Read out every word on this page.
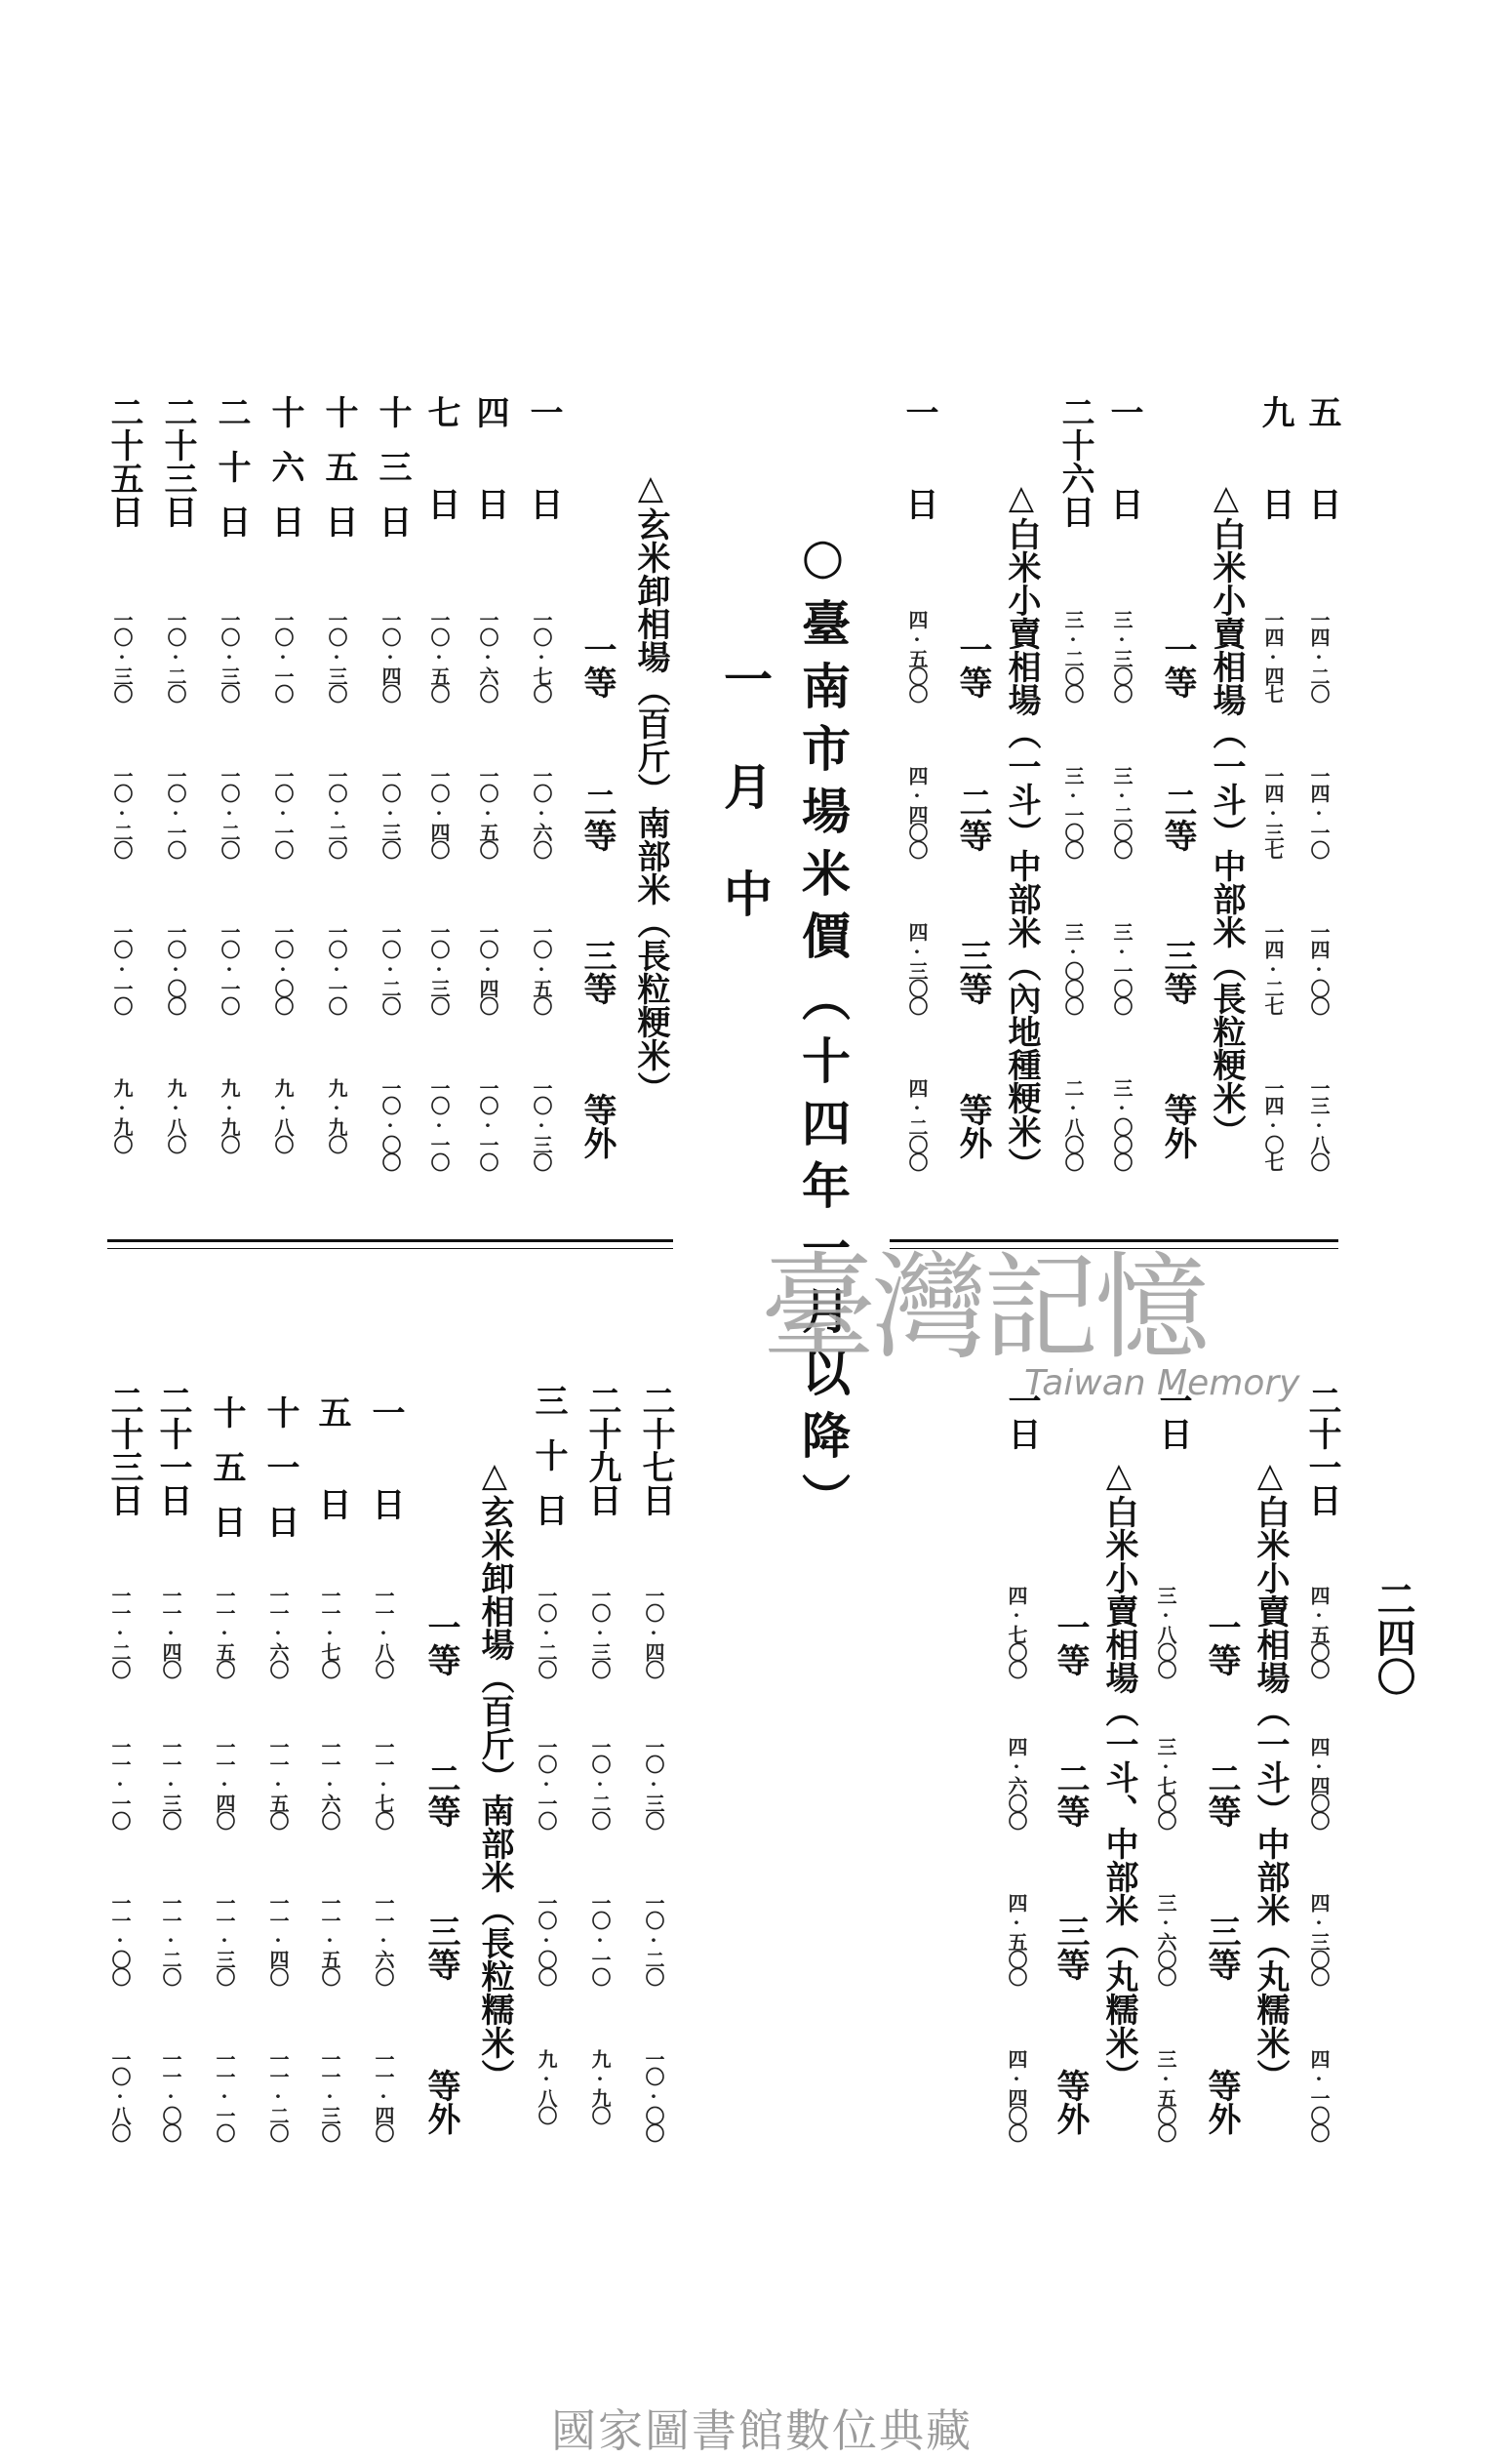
二四〇
△白米小賣相場（一斗）中部米（丸糯米）
一等
二等
三等
等外
二十一日
四·五〇〇
四·四〇〇
四·三〇〇
四·一〇〇
一日
三·八〇〇
三·七〇〇
三·六〇〇
三·五〇〇
△白米小賣相場（一斗、中部米（丸糯米）
一等
二等
三等
等外
一日
四·七〇〇
四·六〇〇
四·五〇〇
四·四〇〇
五日
一四·二〇
一四·一〇
一四·〇〇
一三·八〇
九日
一四·四七
一四·三七
一四·二七
一四·〇七
△白米小賣相場（一斗）中部米（長粒粳米）
一等
二等
三等
等外
一日
三·三〇〇
三·二〇〇
三·一〇〇
三·〇〇〇
二十六日
三·二〇〇
三·一〇〇
三·〇〇〇
二·八〇〇
△白米小賣相場（一斗）中部米（內地種粳米）
一等
二等
三等
等外
一日
四·五〇〇
四·四〇〇
四·三〇〇
四·二〇〇
○臺南市場米價（十四年一月以降）
一月中
二十七日
一〇·四〇
一〇·三〇
一〇·二〇
一〇·〇〇
二十九日
一〇·三〇
一〇·二〇
一〇·一〇
九·九〇
三十日
一〇·二〇
一〇·一〇
一〇·〇〇
九·八〇
△玄米卸相場（百斤）南部米（長粒糯米）
一等
二等
三等
等外
一日
一一·八〇
一一·七〇
一一·六〇
一一·四〇
五日
一一·七〇
一一·六〇
一一·五〇
一一·三〇
十一日
一一·六〇
一一·五〇
一一·四〇
一一·二〇
十五日
一一·五〇
一一·四〇
一一·三〇
一一·一〇
二十一日
一一·四〇
一一·三〇
一一·二〇
一一·〇〇
二十三日
一一·二〇
一一·一〇
一一·〇〇
一〇·八〇
△玄米卸相場（百斤）南部米（長粒粳米）
一等
二等
三等
等外
一日
一〇·七〇
一〇·六〇
一〇·五〇
一〇·三〇
四日
一〇·六〇
一〇·五〇
一〇·四〇
一〇·一〇
七日
一〇·五〇
一〇·四〇
一〇·三〇
一〇·一〇
十三日
一〇·四〇
一〇·三〇
一〇·二〇
一〇·〇〇
十五日
一〇·三〇
一〇·二〇
一〇·一〇
九·九〇
十六日
一〇·一〇
一〇·一〇
一〇·〇〇
九·八〇
二十日
一〇·三〇
一〇·二〇
一〇·一〇
九·九〇
二十三日
一〇·二〇
一〇·一〇
一〇·〇〇
九·八〇
二十五日
一〇·三〇
一〇·二〇
一〇·一〇
九·九〇
臺灣記憶
Taiwan Memory
國家圖書館數位典藏
